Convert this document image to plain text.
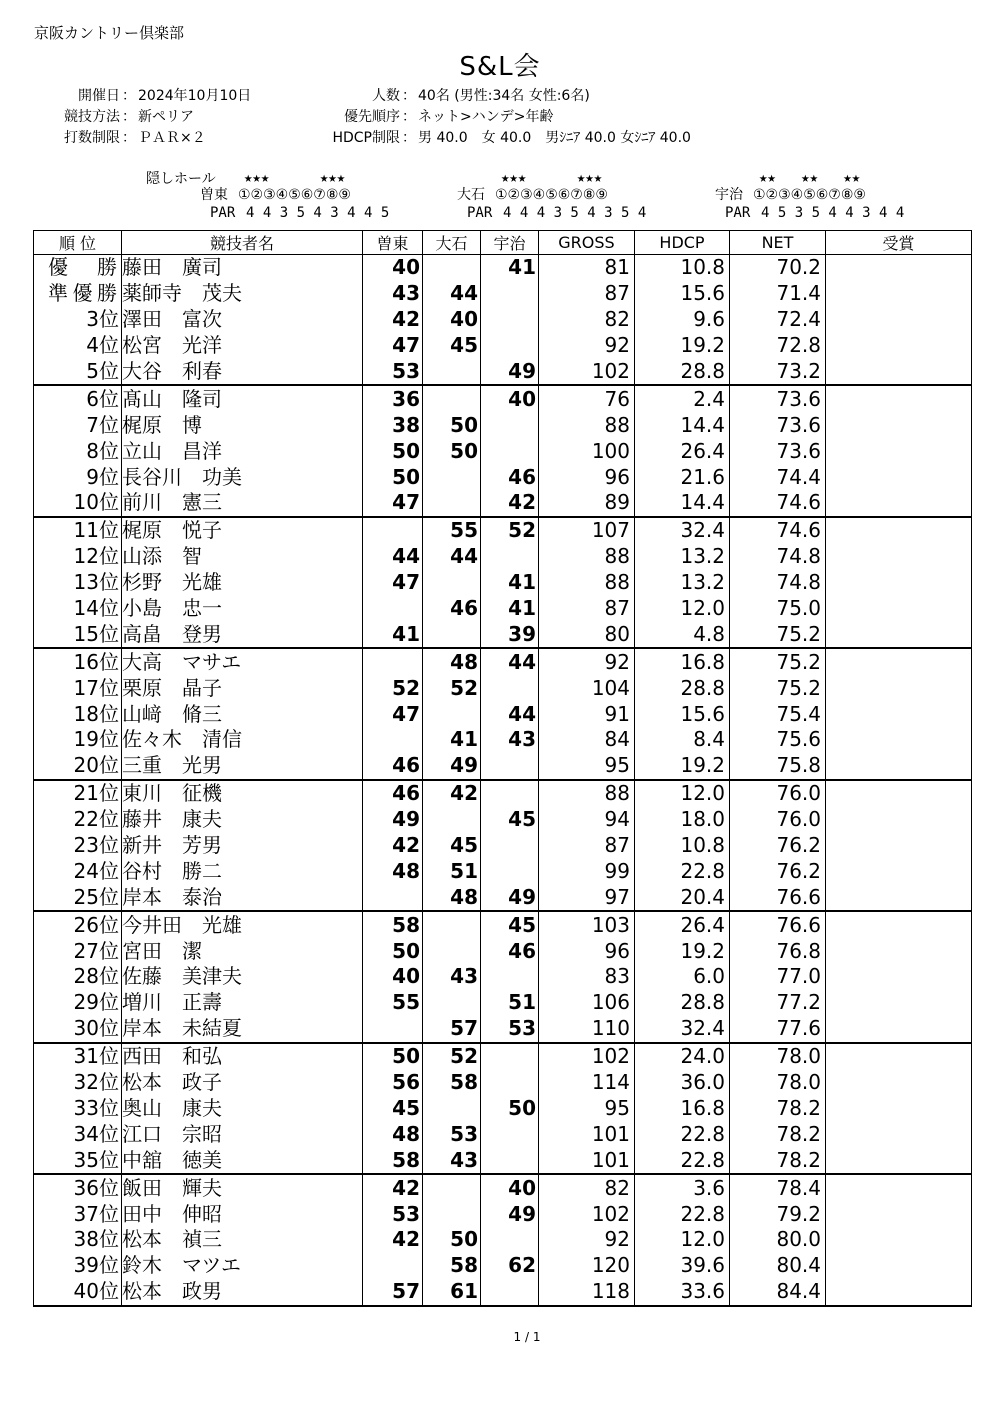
京阪カントリー倶楽部
S&L会
開催日 ： 2024年10月10日
競技方法 ： 新ペリア
打数制限 ： ＰＡＲ×２
人数 ： 40名 (男性:34名 女性:6名)
優先順序 ： ネット>ハンデ>年齢
HDCP制限 ： 男 40.0　女 40.0　男ｼﾆｱ 40.0 女ｼﾆｱ 40.0
隠しホール ★★★      ★★★
曽東 ①②③④⑤⑥⑦⑧⑨
PAR 4 4 3 5 4 3 4 4 5
★★★      ★★★
大石 ①②③④⑤⑥⑦⑧⑨
PAR 4 4 4 3 5 4 3 5 4
★★   ★★   ★★
宇治 ①②③④⑤⑥⑦⑧⑨
PAR 4 5 3 5 4 4 3 4 4
順 位	競技者名	曽東	大石	宇治	GROSS	HDCP	NET	受賞
優 勝	藤田　廣司	40		41	81	10.8	70.2	
準優勝	薬師寺　茂夫	43	44		87	15.6	71.4	
3位	澤田　富次	42	40		82	9.6	72.4	
4位	松宮　光洋	47	45		92	19.2	72.8	
5位	大谷　利春	53		49	102	28.8	73.2	
6位	髙山　隆司	36		40	76	2.4	73.6	
7位	梶原　博	38	50		88	14.4	73.6	
8位	立山　昌洋	50	50		100	26.4	73.6	
9位	長谷川　功美	50		46	96	21.6	74.4	
10位	前川　憲三	47		42	89	14.4	74.6	
11位	梶原　悦子		55	52	107	32.4	74.6	
12位	山添　智	44	44		88	13.2	74.8	
13位	杉野　光雄	47		41	88	13.2	74.8	
14位	小島　忠一		46	41	87	12.0	75.0	
15位	高畠　登男	41		39	80	4.8	75.2	
16位	大高　マサエ		48	44	92	16.8	75.2	
17位	栗原　晶子	52	52		104	28.8	75.2	
18位	山﨑　脩三	47		44	91	15.6	75.4	
19位	佐々木　清信		41	43	84	8.4	75.6	
20位	三重　光男	46	49		95	19.2	75.8	
21位	東川　征機	46	42		88	12.0	76.0	
22位	藤井　康夫	49		45	94	18.0	76.0	
23位	新井　芳男	42	45		87	10.8	76.2	
24位	谷村　勝二	48	51		99	22.8	76.2	
25位	岸本　泰治		48	49	97	20.4	76.6	
26位	今井田　光雄	58		45	103	26.4	76.6	
27位	宮田　潔	50		46	96	19.2	76.8	
28位	佐藤　美津夫	40	43		83	6.0	77.0	
29位	増川　正壽	55		51	106	28.8	77.2	
30位	岸本　未結夏		57	53	110	32.4	77.6	
31位	西田　和弘	50	52		102	24.0	78.0	
32位	松本　政子	56	58		114	36.0	78.0	
33位	奥山　康夫	45		50	95	16.8	78.2	
34位	江口　宗昭	48	53		101	22.8	78.2	
35位	中舘　徳美	58	43		101	22.8	78.2	
36位	飯田　輝夫	42		40	82	3.6	78.4	
37位	田中　伸昭	53		49	102	22.8	79.2	
38位	松本　禎三	42	50		92	12.0	80.0	
39位	鈴木　マツエ		58	62	120	39.6	80.4	
40位	松本　政男	57	61		118	33.6	84.4	
1 / 1
